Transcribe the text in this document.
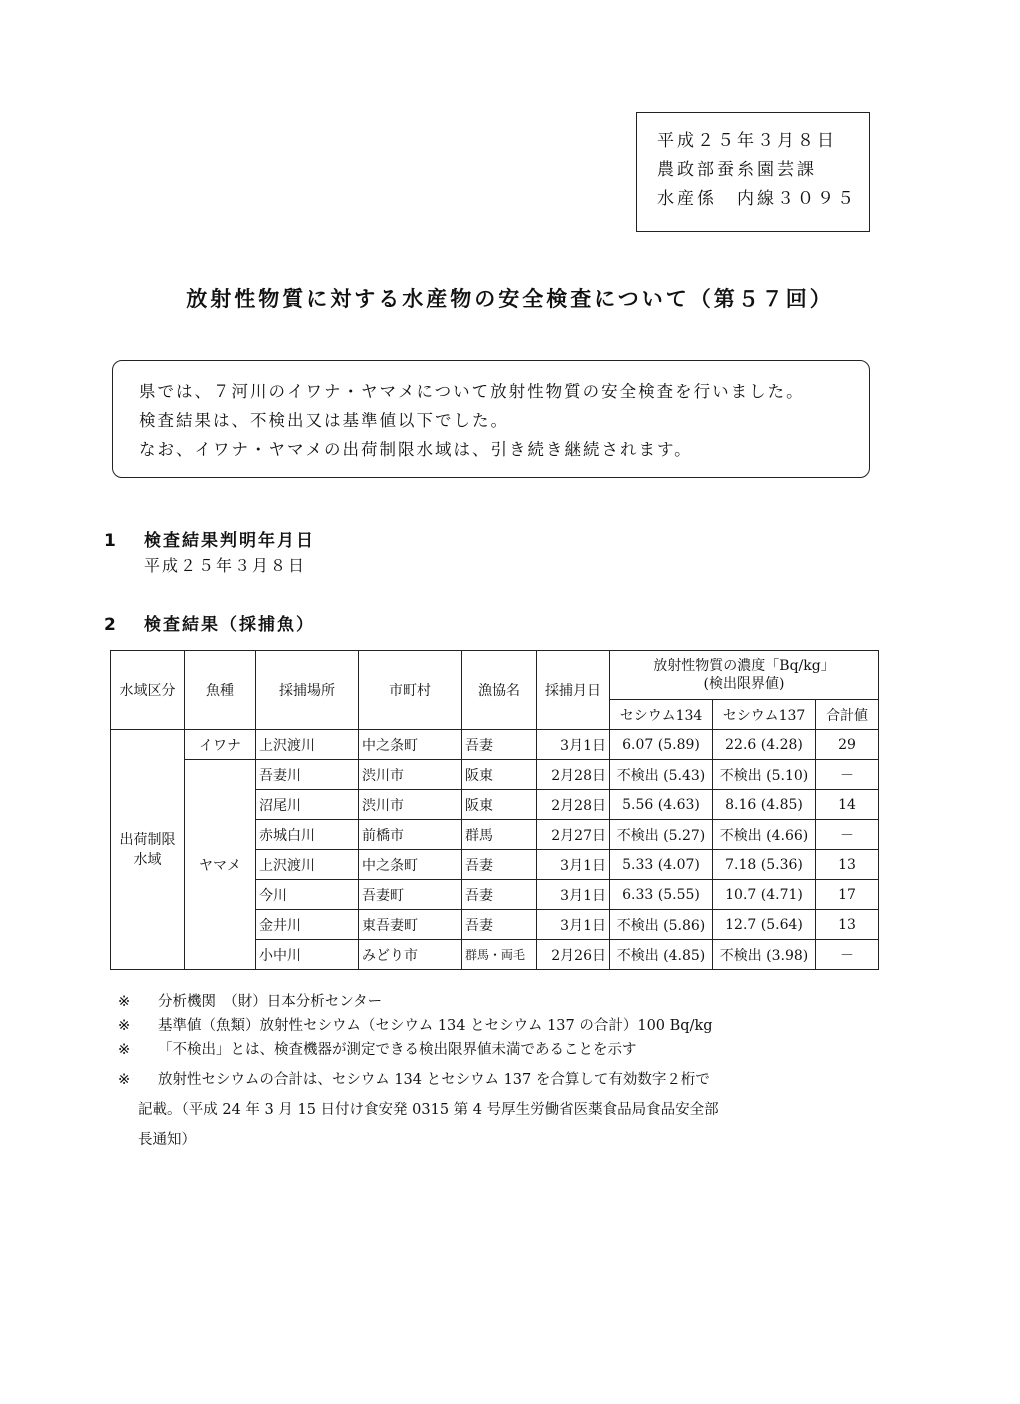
平成２５年３月８日
農政部蚕糸園芸課
水産係　内線３０９５
放射性物質に対する水産物の安全検査について（第５７回）
県では、７河川のイワナ・ヤマメについて放射性物質の安全検査を行いました。
検査結果は、不検出又は基準値以下でした。
なお、イワナ・ヤマメの出荷制限水域は、引き続き継続されます。
1 検査結果判明年月日
平成２５年３月８日
2 検査結果（採捕魚）
水域区分	魚種	採捕場所	市町村	漁協名	採捕月日	放射性物質の濃度「Bq/kg」
(検出限界値)		

						セシウム134	セシウム137	合計値

出荷制限
水域	イワナ	上沢渡川	中之条町	吾妻	3月1日	6.07 (5.89)	22.6 (4.28)	29
	ヤマメ	吾妻川	渋川市	阪東	2月28日	不検出 (5.43)	不検出 (5.10)	－
		沼尾川	渋川市	阪東	2月28日	5.56 (4.63)	8.16 (4.85)	14
		赤城白川	前橋市	群馬	2月27日	不検出 (5.27)	不検出 (4.66)	－
		上沢渡川	中之条町	吾妻	3月1日	5.33 (4.07)	7.18 (5.36)	13
		今川	吾妻町	吾妻	3月1日	6.33 (5.55)	10.7 (4.71)	17
		金井川	東吾妻町	吾妻	3月1日	不検出 (5.86)	12.7 (5.64)	13
		小中川	みどり市	群馬・両毛	2月26日	不検出 (4.85)	不検出 (3.98)	－
※ 分析機関　（財）日本分析センター
※ 基準値（魚類）放射性セシウム（セシウム 134 とセシウム 137 の合計）100 Bq/kg
※ 「不検出」とは、検査機器が測定できる検出限界値未満であることを示す
※ 放射性セシウムの合計は、セシウム 134 とセシウム 137 を合算して有効数字２桁で
記載。（平成 24 年 3 月 15 日付け食安発 0315 第 4 号厚生労働省医薬食品局食品安全部
長通知）
